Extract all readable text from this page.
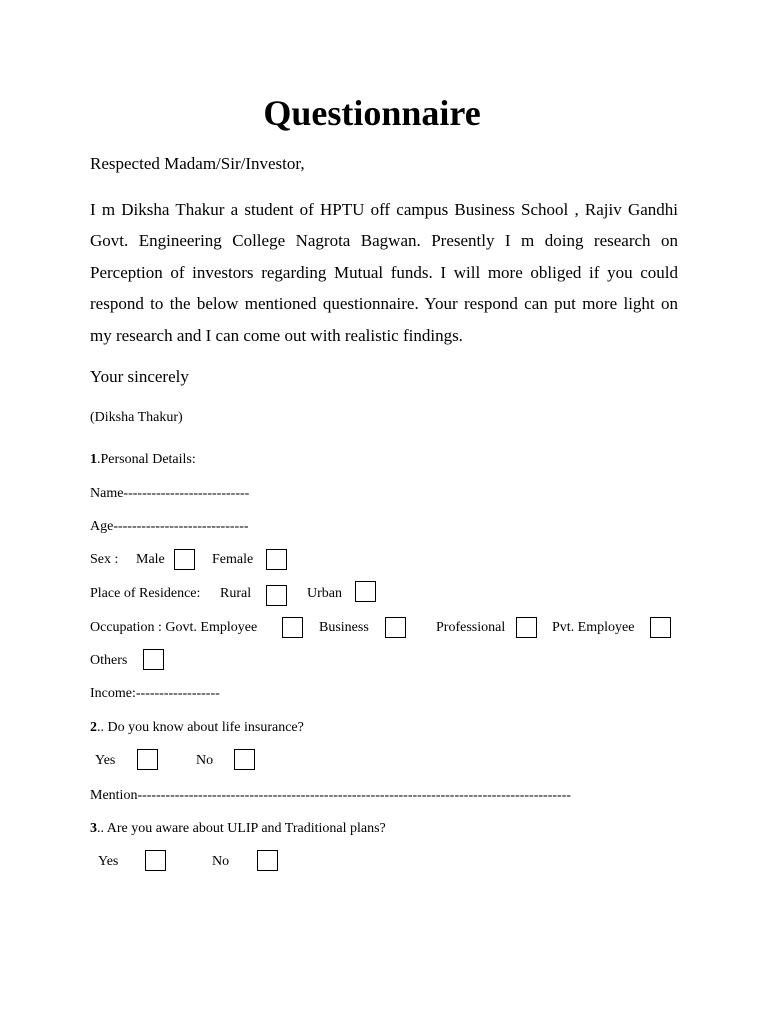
Questionnaire
Respected Madam/Sir/Investor,

I m Diksha Thakur a student of HPTU off campus Business School , Rajiv Gandhi Govt. Engineering College Nagrota Bagwan. Presently I m doing research on Perception of investors regarding Mutual funds. I will more obliged if you could respond to the below mentioned questionnaire. Your respond can put more light on my research and I can come out with realistic findings.

Your sincerely
(Diksha Thakur)
1.Personal Details:
Name---------------------------
Age-----------------------------
Sex : Male	Female
Place of Residence: Rural	Urban
Occupation : Govt. Employee	Business	Professional	Pvt. Employee
Others
Income:------------------
2.. Do you know about life insurance?
Yes	No
Mention---------------------------------------------------------------------------------------------
3.. Are you aware about ULIP and Traditional plans?
Yes	No
